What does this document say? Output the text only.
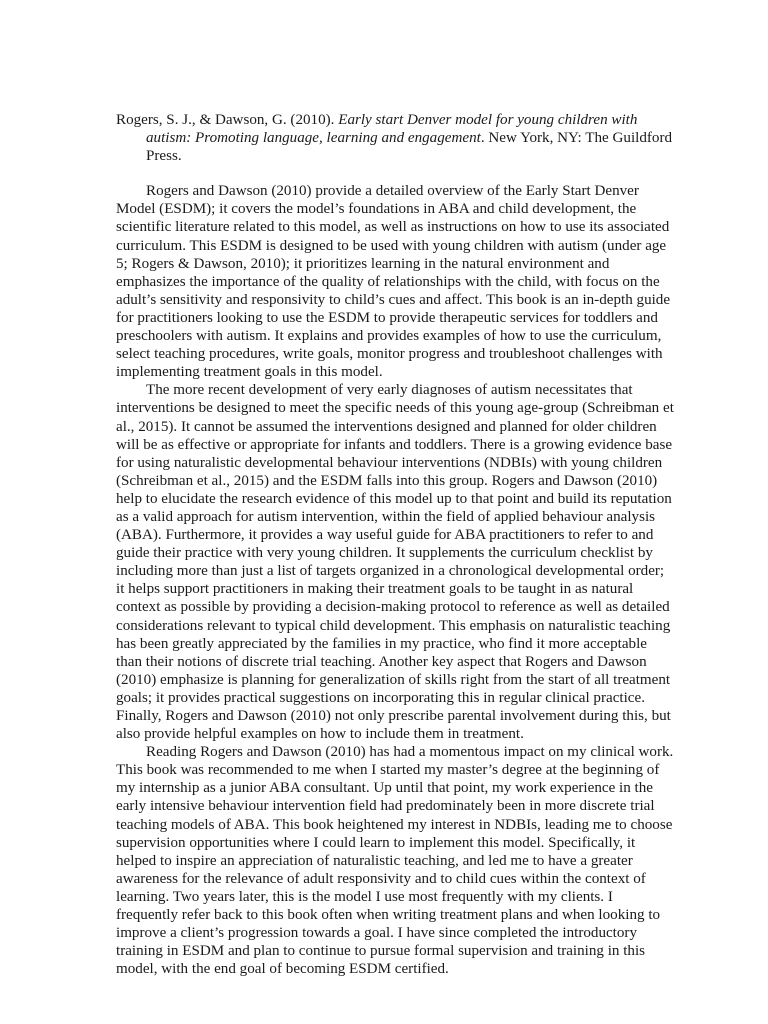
Rogers, S. J., & Dawson, G. (2010). Early start Denver model for young children with autism: Promoting language, learning and engagement. New York, NY: The Guildford Press.

Rogers and Dawson (2010) provide a detailed overview of the Early Start Denver Model (ESDM); it covers the model’s foundations in ABA and child development, the scientific literature related to this model, as well as instructions on how to use its associated curriculum. This ESDM is designed to be used with young children with autism (under age 5; Rogers & Dawson, 2010); it prioritizes learning in the natural environment and emphasizes the importance of the quality of relationships with the child, with focus on the adult’s sensitivity and responsivity to child’s cues and affect. This book is an in-depth guide for practitioners looking to use the ESDM to provide therapeutic services for toddlers and preschoolers with autism. It explains and provides examples of how to use the curriculum, select teaching procedures, write goals, monitor progress and troubleshoot challenges with implementing treatment goals in this model.

The more recent development of very early diagnoses of autism necessitates that interventions be designed to meet the specific needs of this young age-group (Schreibman et al., 2015). It cannot be assumed the interventions designed and planned for older children will be as effective or appropriate for infants and toddlers. There is a growing evidence base for using naturalistic developmental behaviour interventions (NDBIs) with young children (Schreibman et al., 2015) and the ESDM falls into this group. Rogers and Dawson (2010) help to elucidate the research evidence of this model up to that point and build its reputation as a valid approach for autism intervention, within the field of applied behaviour analysis (ABA). Furthermore, it provides a way useful guide for ABA practitioners to refer to and guide their practice with very young children. It supplements the curriculum checklist by including more than just a list of targets organized in a chronological developmental order; it helps support practitioners in making their treatment goals to be taught in as natural context as possible by providing a decision-making protocol to reference as well as detailed considerations relevant to typical child development. This emphasis on naturalistic teaching has been greatly appreciated by the families in my practice, who find it more acceptable than their notions of discrete trial teaching. Another key aspect that Rogers and Dawson (2010) emphasize is planning for generalization of skills right from the start of all treatment goals; it provides practical suggestions on incorporating this in regular clinical practice. Finally, Rogers and Dawson (2010) not only prescribe parental involvement during this, but also provide helpful examples on how to include them in treatment.

Reading Rogers and Dawson (2010) has had a momentous impact on my clinical work. This book was recommended to me when I started my master’s degree at the beginning of my internship as a junior ABA consultant. Up until that point, my work experience in the early intensive behaviour intervention field had predominately been in more discrete trial teaching models of ABA. This book heightened my interest in NDBIs, leading me to choose supervision opportunities where I could learn to implement this model. Specifically, it helped to inspire an appreciation of naturalistic teaching, and led me to have a greater awareness for the relevance of adult responsivity and to child cues within the context of learning. Two years later, this is the model I use most frequently with my clients. I frequently refer back to this book often when writing treatment plans and when looking to improve a client’s progression towards a goal. I have since completed the introductory training in ESDM and plan to continue to pursue formal supervision and training in this model, with the end goal of becoming ESDM certified.
